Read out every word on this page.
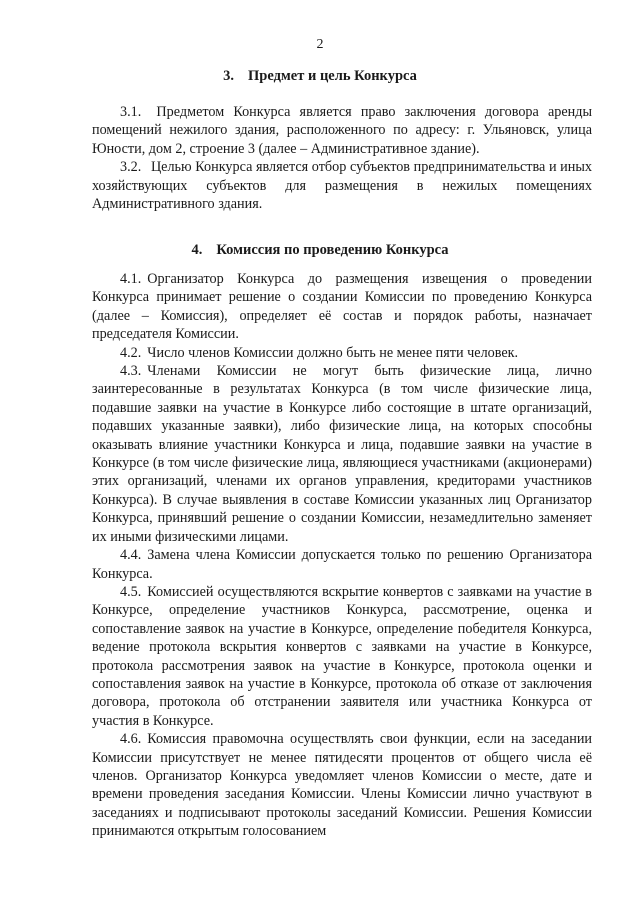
2
3. Предмет и цель Конкурса

3.1. Предметом Конкурса является право заключения договора аренды помещений нежилого здания, расположенного по адресу: г. Ульяновск, улица Юности, дом 2, строение 3 (далее – Административное здание).

3.2. Целью Конкурса является отбор субъектов предпринимательства и иных хозяйствующих субъектов для размещения в нежилых помещениях Административного здания.

4. Комиссия по проведению Конкурса

4.1. Организатор Конкурса до размещения извещения о проведении Конкурса принимает решение о создании Комиссии по проведению Конкурса (далее – Комиссия), определяет её состав и порядок работы, назначает председателя Комиссии.

4.2. Число членов Комиссии должно быть не менее пяти человек.

4.3. Членами Комиссии не могут быть физические лица, лично заинтересованные в результатах Конкурса (в том числе физические лица, подавшие заявки на участие в Конкурсе либо состоящие в штате организаций, подавших указанные заявки), либо физические лица, на которых способны оказывать влияние участники Конкурса и лица, подавшие заявки на участие в Конкурсе (в том числе физические лица, являющиеся участниками (акционерами) этих организаций, членами их органов управления, кредиторами участников Конкурса). В случае выявления в составе Комиссии указанных лиц Организатор Конкурса, принявший решение о создании Комиссии, незамедлительно заменяет их иными физическими лицами.

4.4. Замена члена Комиссии допускается только по решению Организатора Конкурса.

4.5. Комиссией осуществляются вскрытие конвертов с заявками на участие в Конкурсе, определение участников Конкурса, рассмотрение, оценка и сопоставление заявок на участие в Конкурсе, определение победителя Конкурса, ведение протокола вскрытия конвертов с заявками на участие в Конкурсе, протокола рассмотрения заявок на участие в Конкурсе, протокола оценки и сопоставления заявок на участие в Конкурсе, протокола об отказе от заключения договора, протокола об отстранении заявителя или участника Конкурса от участия в Конкурсе.

4.6. Комиссия правомочна осуществлять свои функции, если на заседании Комиссии присутствует не менее пятидесяти процентов от общего числа её членов. Организатор Конкурса уведомляет членов Комиссии о месте, дате и времени проведения заседания Комиссии. Члены Комиссии лично участвуют в заседаниях и подписывают протоколы заседаний Комиссии. Решения Комиссии принимаются открытым голосованием
